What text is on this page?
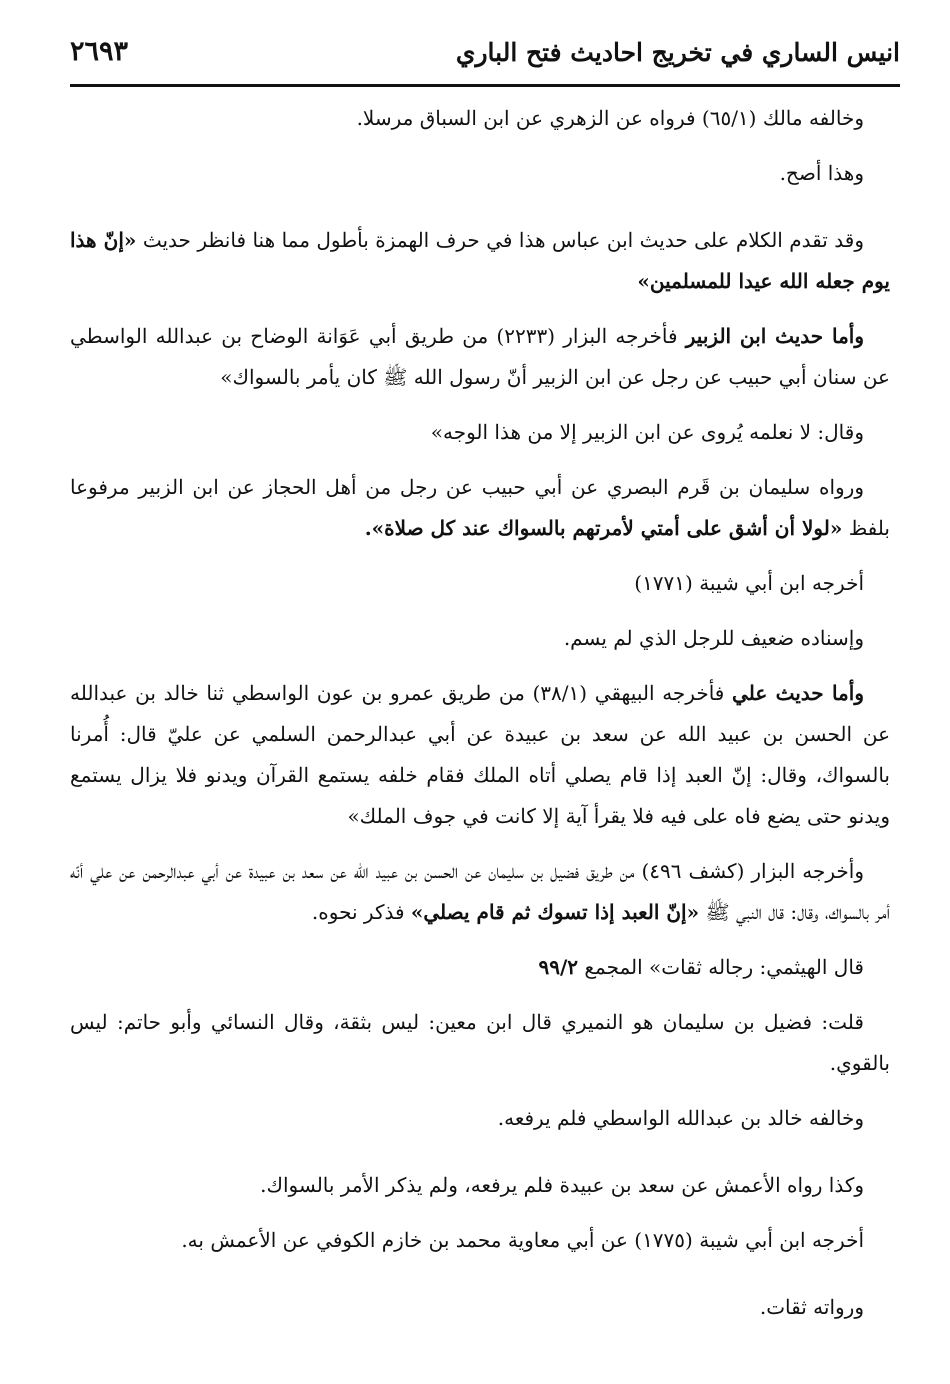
انيس الساري في تخريج احاديث فتح الباري
٢٦٩٣

وخالفه مالك (٦٥/١) فرواه عن الزهري عن ابن السباق مرسلا.

وهذا أصح.

وقد تقدم الكلام على حديث ابن عباس هذا في حرف الهمزة بأطول مما هنا فانظر حديث «إنّ هذا يوم جعله الله عيدا للمسلمين»

وأما حديث ابن الزبير فأخرجه البزار (٢٢٣٣) من طريق أبي عَوَانة الوضاح بن عبدالله الواسطي عن سنان أبي حبيب عن رجل عن ابن الزبير أنّ رسول الله ﷺ كان يأمر بالسواك»

وقال: لا نعلمه يُروى عن ابن الزبير إلا من هذا الوجه»

ورواه سليمان بن قَرم البصري عن أبي حبيب عن رجل من أهل الحجاز عن ابن الزبير مرفوعا بلفظ «لولا أن أشق على أمتي لأمرتهم بالسواك عند كل صلاة».

أخرجه ابن أبي شيبة (١٧٧١)

وإسناده ضعيف للرجل الذي لم يسم.

وأما حديث علي فأخرجه البيهقي (٣٨/١) من طريق عمرو بن عون الواسطي ثنا خالد بن عبدالله عن الحسن بن عبيد الله عن سعد بن عبيدة عن أبي عبدالرحمن السلمي عن عليّ قال: أُمرنا بالسواك، وقال: إنّ العبد إذا قام يصلي أتاه الملك فقام خلفه يستمع القرآن ويدنو فلا يزال يستمع ويدنو حتى يضع فاه على فيه فلا يقرأ آية إلا كانت في جوف الملك»

وأخرجه البزار (كشف ٤٩٦) من طريق فضيل بن سليمان عن الحسن بن عبيد الله عن سعد بن عبيدة عن أبي عبدالرحمن عن علي أنّه أمر بالسواك، وقال: قال النبي ﷺ «إنّ العبد إذا تسوك ثم قام يصلي» فذكر نحوه.

قال الهيثمي: رجاله ثقات» المجمع ٩٩/٢

قلت: فضيل بن سليمان هو النميري قال ابن معين: ليس بثقة، وقال النسائي وأبو حاتم: ليس بالقوي.

وخالفه خالد بن عبدالله الواسطي فلم يرفعه.

وكذا رواه الأعمش عن سعد بن عبيدة فلم يرفعه، ولم يذكر الأمر بالسواك.

أخرجه ابن أبي شيبة (١٧٧٥) عن أبي معاوية محمد بن خازم الكوفي عن الأعمش به.

ورواته ثقات.
